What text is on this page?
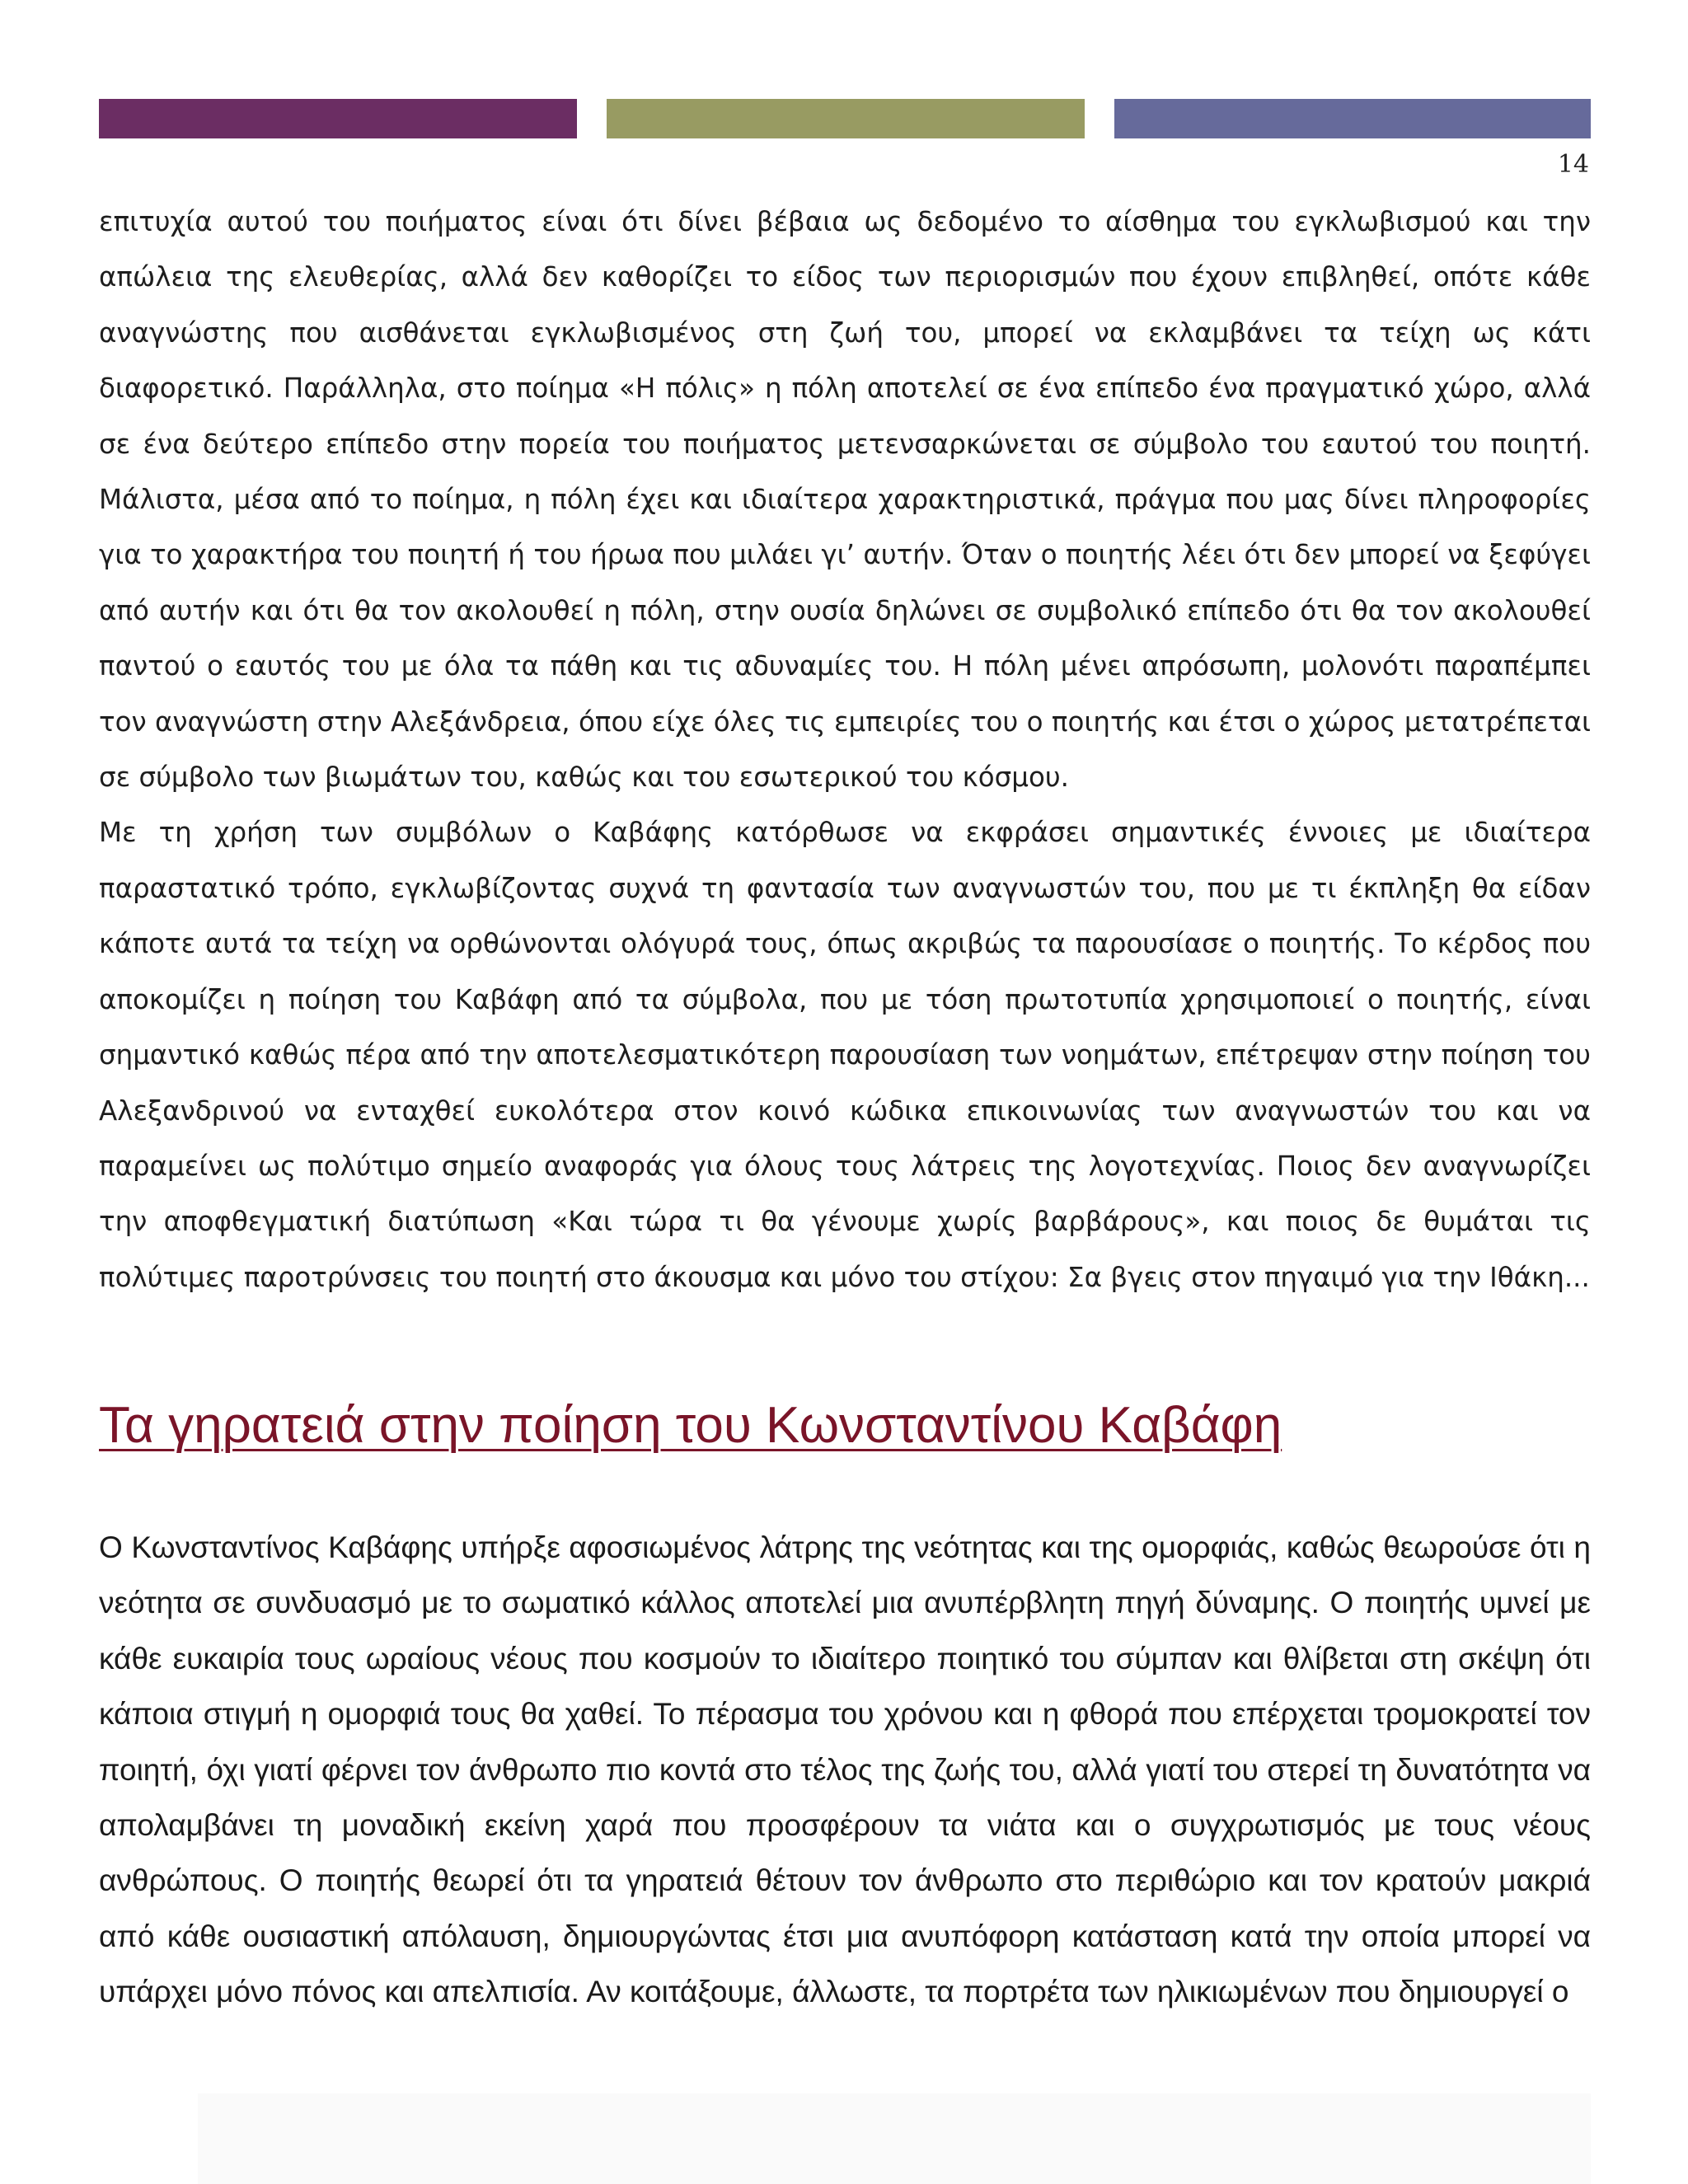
14

επιτυχία αυτού του ποιήματος είναι ότι δίνει βέβαια ως δεδομένο το αίσθημα του εγκλωβισμού και την απώλεια της ελευθερίας, αλλά δεν καθορίζει το είδος των περιορισμών που έχουν επιβληθεί, οπότε κάθε αναγνώστης που αισθάνεται εγκλωβισμένος στη ζωή του, μπορεί να εκλαμβάνει τα τείχη ως κάτι διαφορετικό. Παράλληλα, στο ποίημα «Η πόλις» η πόλη αποτελεί σε ένα επίπεδο ένα πραγματικό χώρο, αλλά σε ένα δεύτερο επίπεδο στην πορεία του ποιήματος μετενσαρκώνεται σε σύμβολο του εαυτού του ποιητή. Μάλιστα, μέσα από το ποίημα, η πόλη έχει και ιδιαίτερα χαρακτηριστικά, πράγμα που μας δίνει πληροφορίες για το χαρακτήρα του ποιητή ή του ήρωα που μιλάει γι’ αυτήν. Όταν ο ποιητής λέει ότι δεν μπορεί να ξεφύγει από αυτήν και ότι θα τον ακολουθεί η πόλη, στην ουσία δηλώνει σε συμβολικό επίπεδο ότι θα τον ακολουθεί παντού ο εαυτός του με όλα τα πάθη και τις αδυναμίες του. Η πόλη μένει απρόσωπη, μολονότι παραπέμπει τον αναγνώστη στην Αλεξάνδρεια, όπου είχε όλες τις εμπειρίες του ο ποιητής και έτσι ο χώρος μετατρέπεται σε σύμβολο των βιωμάτων του, καθώς και του εσωτερικού του κόσμου.

Με τη χρήση των συμβόλων ο Καβάφης κατόρθωσε να εκφράσει σημαντικές έννοιες με ιδιαίτερα παραστατικό τρόπο, εγκλωβίζοντας συχνά τη φαντασία των αναγνωστών του, που με τι έκπληξη θα είδαν κάποτε αυτά τα τείχη να ορθώνονται ολόγυρά τους, όπως ακριβώς τα παρουσίασε ο ποιητής. Το κέρδος που αποκομίζει η ποίηση του Καβάφη από τα σύμβολα, που με τόση πρωτοτυπία χρησιμοποιεί ο ποιητής, είναι σημαντικό καθώς πέρα από την αποτελεσματικότερη παρουσίαση των νοημάτων, επέτρεψαν στην ποίηση του Αλεξανδρινού να ενταχθεί ευκολότερα στον κοινό κώδικα επικοινωνίας των αναγνωστών του και να παραμείνει ως πολύτιμο σημείο αναφοράς για όλους τους λάτρεις της λογοτεχνίας. Ποιος δεν αναγνωρίζει την αποφθεγματική διατύπωση «Και τώρα τι θα γένουμε χωρίς βαρβάρους», και ποιος δε θυμάται τις πολύτιμες παροτρύνσεις του ποιητή στο άκουσμα και μόνο του στίχου: Σα βγεις στον πηγαιμό για την Ιθάκη...

Τα γηρατειά στην ποίηση του Κωνσταντίνου Καβάφη

Ο Κωνσταντίνος Καβάφης υπήρξε αφοσιωμένος λάτρης της νεότητας και της ομορφιάς, καθώς θεωρούσε ότι η νεότητα σε συνδυασμό με το σωματικό κάλλος αποτελεί μια ανυπέρβλητη πηγή δύναμης. Ο ποιητής υμνεί με κάθε ευκαιρία τους ωραίους νέους που κοσμούν το ιδιαίτερο ποιητικό του σύμπαν και θλίβεται στη σκέψη ότι κάποια στιγμή η ομορφιά τους θα χαθεί. Το πέρασμα του χρόνου και η φθορά που επέρχεται τρομοκρατεί τον ποιητή, όχι γιατί φέρνει τον άνθρωπο πιο κοντά στο τέλος της ζωής του, αλλά γιατί του στερεί τη δυνατότητα να απολαμβάνει τη μοναδική εκείνη χαρά που προσφέρουν τα νιάτα και ο συγχρωτισμός με τους νέους ανθρώπους. Ο ποιητής θεωρεί ότι τα γηρατειά θέτουν τον άνθρωπο στο περιθώριο και τον κρατούν μακριά από κάθε ουσιαστική απόλαυση, δημιουργώντας έτσι μια ανυπόφορη κατάσταση κατά την οποία μπορεί να υπάρχει μόνο πόνος και απελπισία. Αν κοιτάξουμε, άλλωστε, τα πορτρέτα των ηλικιωμένων που δημιουργεί ο
